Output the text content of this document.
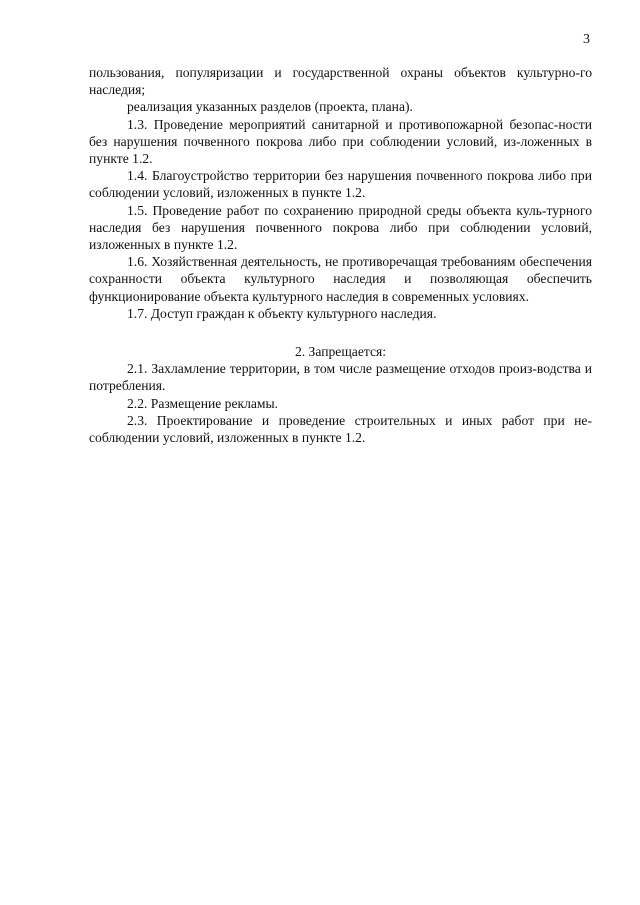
3

пользования, популяризации и государственной охраны объектов культурно-го наследия;

реализация указанных разделов (проекта, плана).

1.3. Проведение мероприятий санитарной и противопожарной безопас-ности без нарушения почвенного покрова либо при соблюдении условий, из-ложенных в пункте 1.2.

1.4. Благоустройство территории без нарушения почвенного покрова либо при соблюдении условий, изложенных в пункте 1.2.

1.5. Проведение работ по сохранению природной среды объекта куль-турного наследия без нарушения почвенного покрова либо при соблюдении условий, изложенных в пункте 1.2.

1.6. Хозяйственная деятельность, не противоречащая требованиям обеспечения сохранности объекта культурного наследия и позволяющая обеспечить функционирование объекта культурного наследия в современных условиях.

1.7. Доступ граждан к объекту культурного наследия.

2. Запрещается:

2.1. Захламление территории, в том числе размещение отходов произ-водства и потребления.

2.2. Размещение рекламы.

2.3. Проектирование и проведение строительных и иных работ при не-соблюдении условий, изложенных в пункте 1.2.
